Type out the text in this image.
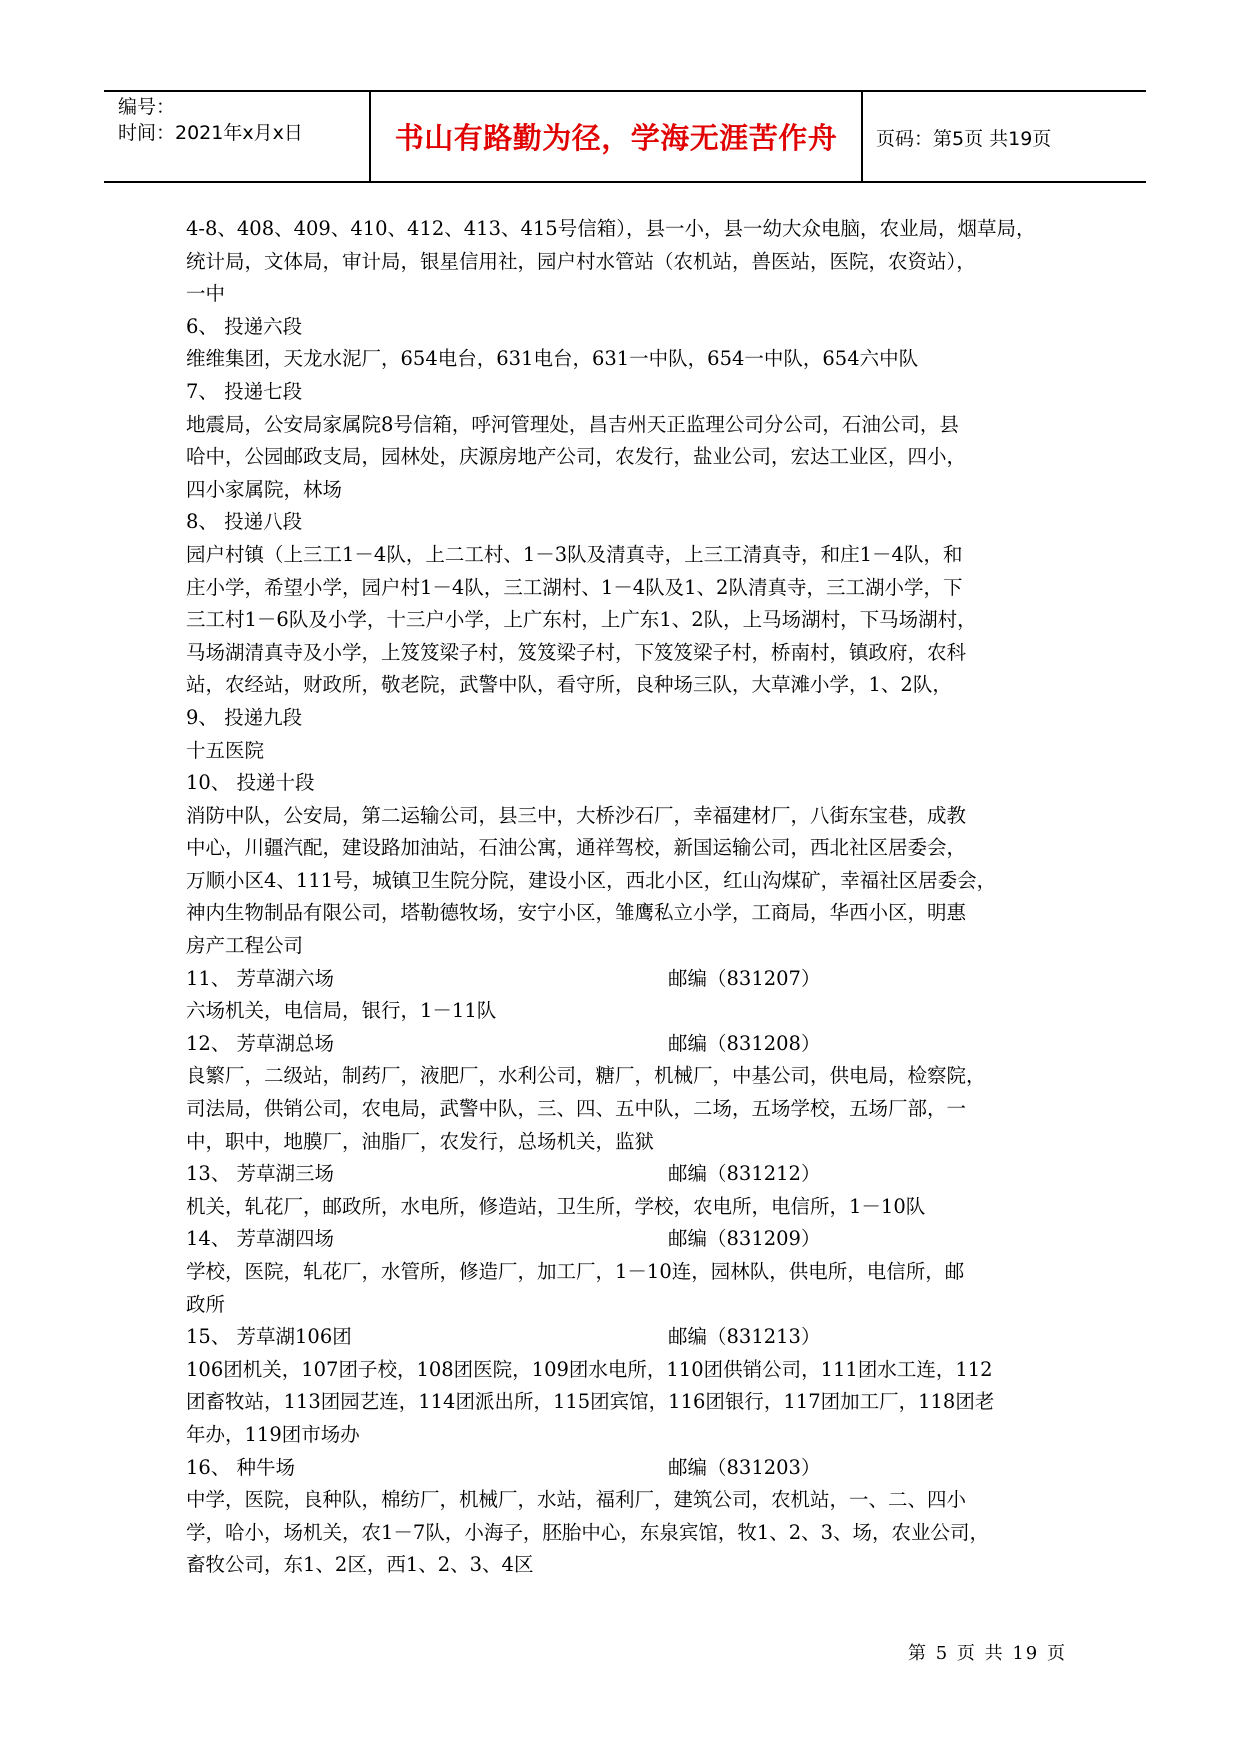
编号：
时间：2021年x月x日	书山有路勤为径，学海无涯苦作舟	页码：第5页 共19页
4-8、408、409、410、412、413、415号信箱），县一小，县一幼大众电脑，农业局，烟草局，
统计局，文体局，审计局，银星信用社，园户村水管站（农机站，兽医站，医院，农资站），
一中
6、 投递六段
维维集团，天龙水泥厂，654电台，631电台，631一中队，654一中队，654六中队
7、 投递七段
地震局，公安局家属院8号信箱，呼河管理处，昌吉州天正监理公司分公司，石油公司，县
哈中，公园邮政支局，园林处，庆源房地产公司，农发行，盐业公司，宏达工业区，四小，
四小家属院，林场
8、 投递八段
园户村镇（上三工1－4队，上二工村、1－3队及清真寺，上三工清真寺，和庄1－4队，和
庄小学，希望小学，园户村1－4队，三工湖村、1－4队及1、2队清真寺，三工湖小学，下
三工村1－6队及小学，十三户小学，上广东村，上广东1、2队，上马场湖村，下马场湖村，
马场湖清真寺及小学，上笈笈梁子村，笈笈梁子村，下笈笈梁子村，桥南村，镇政府，农科
站，农经站，财政所，敬老院，武警中队，看守所，良种场三队，大草滩小学，1、2队，
9、 投递九段
十五医院
10、 投递十段
消防中队，公安局，第二运输公司，县三中，大桥沙石厂，幸福建材厂，八街东宝巷，成教
中心，川疆汽配，建设路加油站，石油公寓，通祥驾校，新国运输公司，西北社区居委会，
万顺小区4、111号，城镇卫生院分院，建设小区，西北小区，红山沟煤矿，幸福社区居委会，
神内生物制品有限公司，塔勒德牧场，安宁小区，雏鹰私立小学，工商局，华西小区，明惠
房产工程公司
11、 芳草湖六场	邮编（831207）
六场机关，电信局，银行，1－11队
12、 芳草湖总场	邮编（831208）
良繁厂，二级站，制药厂，液肥厂，水利公司，糖厂，机械厂，中基公司，供电局，检察院，
司法局，供销公司，农电局，武警中队，三、四、五中队，二场，五场学校，五场厂部，一
中，职中，地膜厂，油脂厂，农发行，总场机关，监狱
13、 芳草湖三场	邮编（831212）
机关，轧花厂，邮政所，水电所，修造站，卫生所，学校，农电所，电信所，1－10队
14、 芳草湖四场	邮编（831209）
学校，医院，轧花厂，水管所，修造厂，加工厂，1－10连，园林队，供电所，电信所，邮
政所
15、 芳草湖106团	邮编（831213）
106团机关，107团子校，108团医院，109团水电所，110团供销公司，111团水工连，112
团畜牧站，113团园艺连，114团派出所，115团宾馆，116团银行，117团加工厂，118团老
年办，119团市场办
16、 种牛场	邮编（831203）
中学，医院，良种队，棉纺厂，机械厂，水站，福利厂，建筑公司，农机站，一、二、四小
学，哈小，场机关，农1－7队，小海子，胚胎中心，东泉宾馆，牧1、2、3、场，农业公司，
畜牧公司，东1、2区，西1、2、3、4区
第 5 页 共 19 页
